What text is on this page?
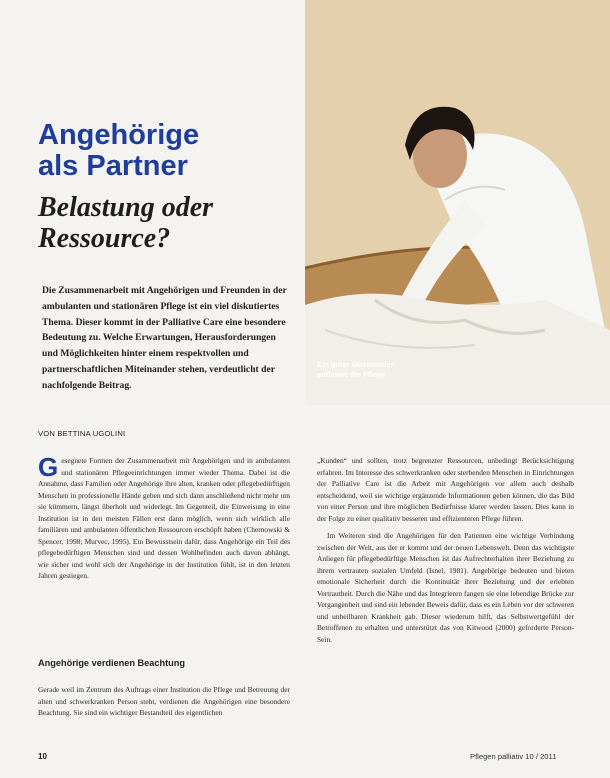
Ein guter Miteinander
entlastet die Pflege
Angehörige
als Partner
Belastung oder
Ressource?

Die Zusammenarbeit mit Angehörigen und Freunden in der ambulanten und stationären Pflege ist ein viel diskutiertes Thema. Dieser kommt in der Palliative Care eine besondere Bedeutung zu. Welche Erwartungen, Herausforderungen und Möglichkeiten hinter einem respektvollen und partnerschaftlichen Miteinander stehen, verdeutlicht der nachfolgende Beitrag.

VON BETTINA UGOLINI

Gesegnete Formen der Zusammenarbeit mit Angehörigen und in ambulanten und stationären Pflegeeinrichtungen immer wieder Thema. Dabei ist die Annahme, dass Familien oder Angehörige ihre alten, kranken oder pflegebedürftigen Menschen in professionelle Hände geben und sich dann anschließend nicht mehr um sie kümmern, längst überholt und widerlegt. Im Gegenteil, die Einweisung in eine Institution ist in den meisten Fällen erst dann möglich, wenn sich wirklich alle familiären und ambulanten öffentlichen Ressourcen erschöpft haben (Chernowski & Spencer, 1998; Murvec, 1995). Ein Bewusstsein dafür, dass Angehörige ein Teil des pflegebedürftigen Menschen sind und dessen Wohlbefinden auch davon abhängt, wie sicher und wohl sich der Angehörige in der Institution fühlt, ist in den letzten Jahren gestiegen.

Angehörige verdienen Beachtung

Gerade weil im Zentrum des Auftrags einer Institution die Pflege und Betreuung der alten und schwerkranken Person steht, verdienen die Angehörigen eine besondere Beachtung. Sie sind ein wichtiger Bestandteil des eigentlichen

„Kunden“ und sollten, trotz begrenzter Ressourcen, unbedingt Berücksichtigung erfahren. Im Interesse des schwerkranken oder sterbenden Menschen in Einrichtungen der Palliative Care ist die Arbeit mit Angehörigen vor allem auch deshalb entscheidend, weil sie wichtige ergänzende Informationen geben können, die das Bild von einer Person und ihre möglichen Bedürfnisse klarer werden lassen. Dies kann in der Folge zu einer qualitativ besseren und effizienteren Pflege führen.

Im Weiteren sind die Angehörigen für den Patienten eine wichtige Verbindung zwischen der Welt, aus der er kommt und der neuen Lebenswelt. Denn das wichtigste Anliegen für pflegebedürftige Menschen ist das Aufrechterhalten ihrer Beziehung zu ihrem vertrauten sozialen Umfeld (Isnel, 1981). Angehörige bedeuten und bieten emotionale Sicherheit durch die Kontinuität ihrer Beziehung und der erlebten Vertrautheit. Durch die Nähe und das Integrieren fangen sie eine lebendige Brücke zur Vergangenheit und sind ein lebender Beweis dafür, dass es ein Leben vor der schweren und unheilbaren Krankheit gab. Dieser wiederum hilft, das Selbstwertgefühl der Betroffenen zu erhalten und unterstützt das von Kitwood (2000) geforderte Person-Sein.

10	Pflegen palliativ 10 / 2011
